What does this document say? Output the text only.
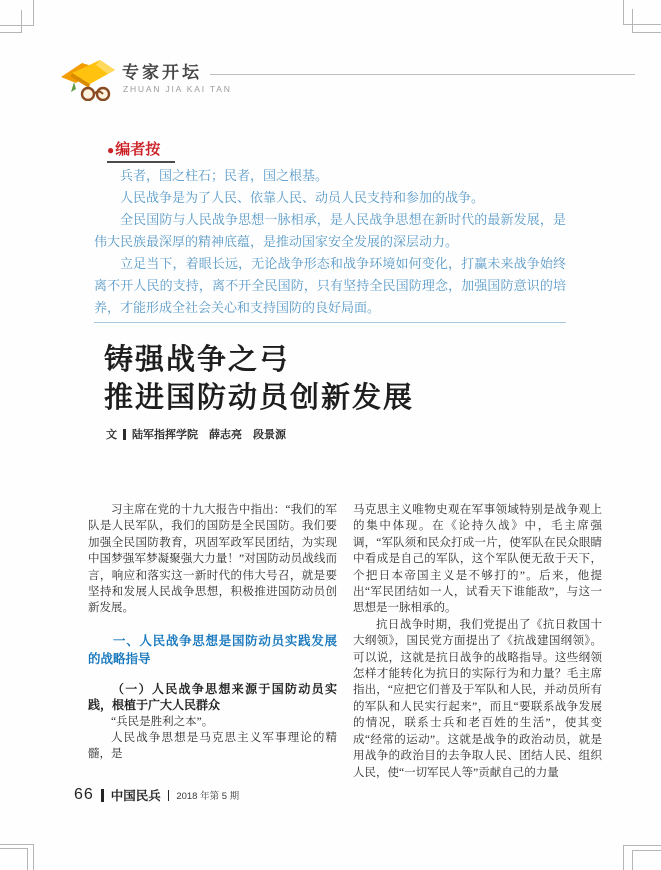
专家开坛
ZHUAN JIA KAI TAN
● 编者按

兵者，国之柱石；民者，国之根基。

人民战争是为了人民、依靠人民、动员人民支持和参加的战争。

全民国防与人民战争思想一脉相承，是人民战争思想在新时代的最新发展，是伟大民族最深厚的精神底蕴，是推动国家安全发展的深层动力。

立足当下，着眼长远，无论战争形态和战争环境如何变化，打赢未来战争始终离不开人民的支持，离不开全民国防，只有坚持全民国防理念，加强国防意识的培养，才能形成全社会关心和支持国防的良好局面。

铸强战争之弓
推进国防动员创新发展
文 陆军指挥学院　薛志亮　段景源

习主席在党的十九大报告中指出：“我们的军队是人民军队，我们的国防是全民国防。我们要加强全民国防教育，巩固军政军民团结，为实现中国梦强军梦凝聚强大力量！”对国防动员战线而言，响应和落实这一新时代的伟大号召，就是要坚持和发展人民战争思想，积极推进国防动员创新发展。

一、人民战争思想是国防动员实践发展的战略指导
（一）人民战争思想来源于国防动员实践，根植于广大人民群众

“兵民是胜利之本”。

人民战争思想是马克思主义军事理论的精髓，是

马克思主义唯物史观在军事领域特别是战争观上的集中体现。在《论持久战》中，毛主席强调，“军队须和民众打成一片，使军队在民众眼睛中看成是自己的军队，这个军队便无敌于天下，个把日本帝国主义是不够打的”。后来，他提出“军民团结如一人，试看天下谁能敌”，与这一思想是一脉相承的。

抗日战争时期，我们党提出了《抗日救国十大纲领》，国民党方面提出了《抗战建国纲领》。可以说，这就是抗日战争的战略指导。这些纲领怎样才能转化为抗日的实际行为和力量？毛主席指出，“应把它们普及于军队和人民，并动员所有的军队和人民实行起来”，而且“要联系战争发展的情况，联系士兵和老百姓的生活”，使其变成“经常的运动”。这就是战争的政治动员，就是用战争的政治目的去争取人民、团结人民、组织人民，使“一切军民人等”贡献自己的力量

66 中国民兵 2018 年第 5 期
